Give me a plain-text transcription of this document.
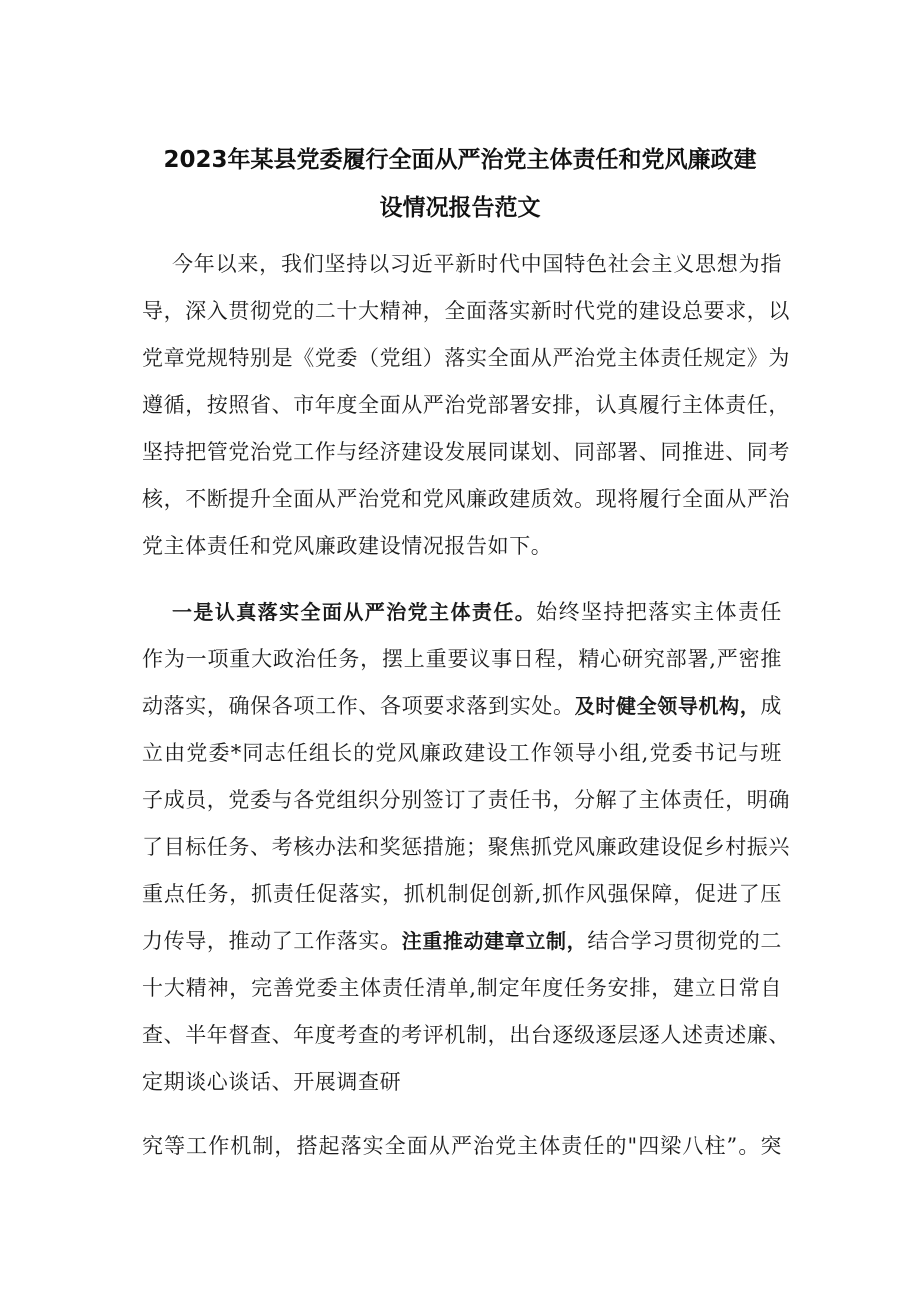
2023年某县党委履行全面从严治党主体责任和党风廉政建
设情况报告范文
今年以来，我们坚持以习近平新时代中国特色社会主义思想为指
导，深入贯彻党的二十大精神，全面落实新时代党的建设总要求，以
党章党规特别是《党委（党组）落实全面从严治党主体责任规定》为
遵循，按照省、市年度全面从严治党部署安排，认真履行主体责任，
坚持把管党治党工作与经济建设发展同谋划、同部署、同推进、同考
核，不断提升全面从严治党和党风廉政建质效。现将履行全面从严治
党主体责任和党风廉政建设情况报告如下。
一是认真落实全面从严治党主体责任。始终坚持把落实主体责任
作为一项重大政治任务，摆上重要议事日程，精心研究部署,严密推
动落实，确保各项工作、各项要求落到实处。及时健全领导机构，成
立由党委*同志任组长的党风廉政建设工作领导小组,党委书记与班
子成员，党委与各党组织分别签订了责任书，分解了主体责任，明确
了目标任务、考核办法和奖惩措施；聚焦抓党风廉政建设促乡村振兴
重点任务，抓责任促落实，抓机制促创新,抓作风强保障，促进了压
力传导，推动了工作落实。注重推动建章立制，结合学习贯彻党的二
十大精神，完善党委主体责任清单,制定年度任务安排，建立日常自
查、半年督查、年度考查的考评机制，出台逐级逐层逐人述责述廉、
定期谈心谈话、开展调查研
究等工作机制，搭起落实全面从严治党主体责任的"四梁八柱”。突
